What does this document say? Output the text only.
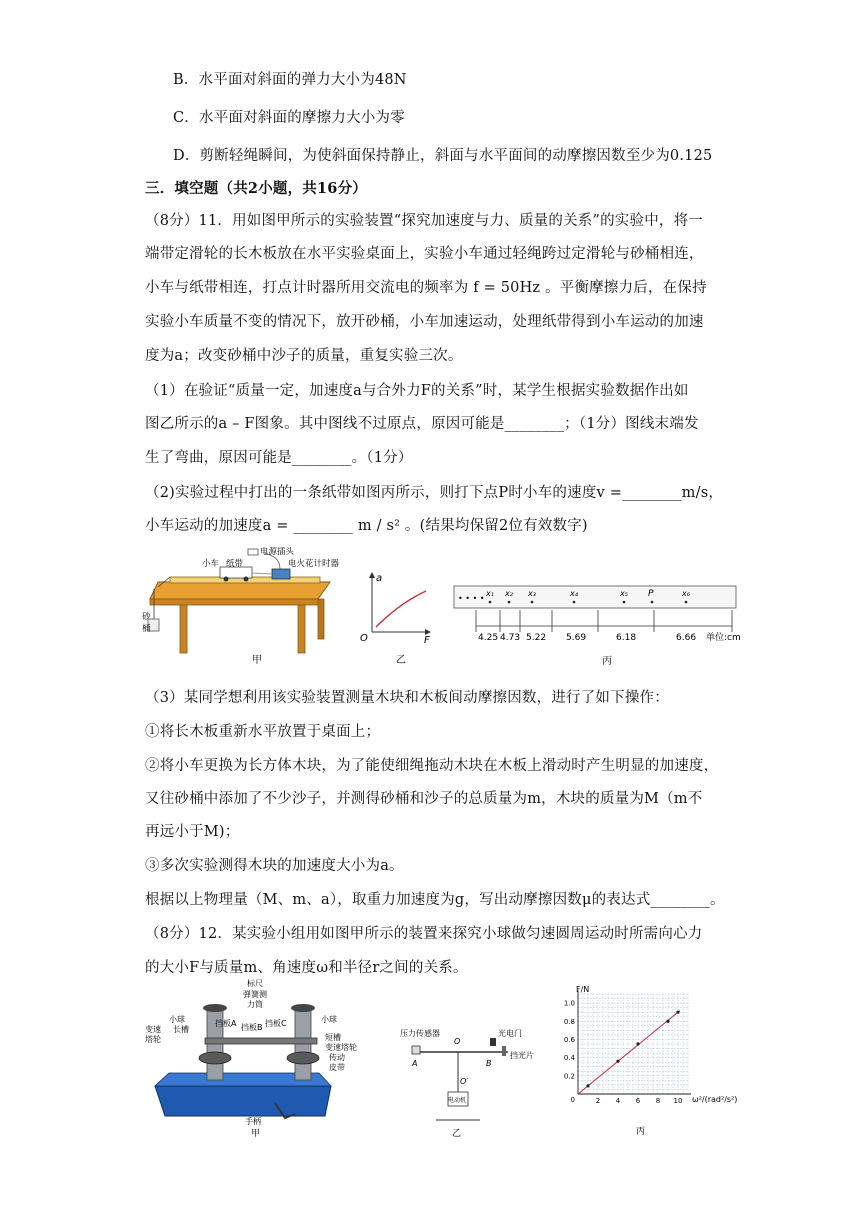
B．水平面对斜面的弹力大小为48N
C．水平面对斜面的摩擦力大小为零
D．剪断轻绳瞬间，为使斜面保持静止，斜面与水平面间的动摩擦因数至少为0.125
三．填空题（共2小题，共16分）
（8分）11．用如图甲所示的实验装置“探究加速度与力、质量的关系”的实验中，将一
端带定滑轮的长木板放在水平实验桌面上，实验小车通过轻绳跨过定滑轮与砂桶相连，
小车与纸带相连，打点计时器所用交流电的频率为 f = 50Hz 。平衡摩擦力后，在保持
实验小车质量不变的情况下，放开砂桶，小车加速运动，处理纸带得到小车运动的加速
度为a；改变砂桶中沙子的质量，重复实验三次。
（1）在验证“质量一定，加速度a与合外力F的关系”时，某学生根据实验数据作出如
图乙所示的a – F图象。其中图线不过原点，原因可能是________；（1分）图线末端发
生了弯曲，原因可能是________。（1分）
（2)实验过程中打出的一条纸带如图丙所示，则打下点P时小车的速度v =________m/s，
小车运动的加速度a = ________ m / s² 。(结果均保留2位有效数字)
电源插头
小车 纸带	电火花计时器
砂
桶
甲
a
F
O
乙
• • • •
x₁ x₂ x₃	x₄	x₅ P	x₆
4.25 4.73 5.22 5.69	6.18	6.66 单位:cm
丙
（3）某同学想利用该实验装置测量木块和木板间动摩擦因数，进行了如下操作：
①将长木板重新水平放置于桌面上；
②将小车更换为长方体木块，为了能使细绳拖动木块在木板上滑动时产生明显的加速度，
又往砂桶中添加了不少沙子，并测得砂桶和沙子的总质量为m，木块的质量为M（m不
再远小于M)；
③多次实验测得木块的加速度大小为a。
根据以上物理量（M、m、a），取重力加速度为g，写出动摩擦因数μ的表达式________。
（8分）12．某实验小组用如图甲所示的装置来探究小球做匀速圆周运动时所需向心力
的大小F与质量m、角速度ω和半径r之间的关系。
标尺
弹簧测
力筒
挡板A 挡板B 挡板C
小球
长槽
变速
塔轮
小球
短槽
变速塔轮
传动
皮带
手柄
甲
压力传感器	光电门
挡光片
A	B
O
O′
电动机
乙
0.2
0.4
0.6
0.8
1.0
0	2 4 6 8 10
F/N
ω²/(rad²/s²)
丙
